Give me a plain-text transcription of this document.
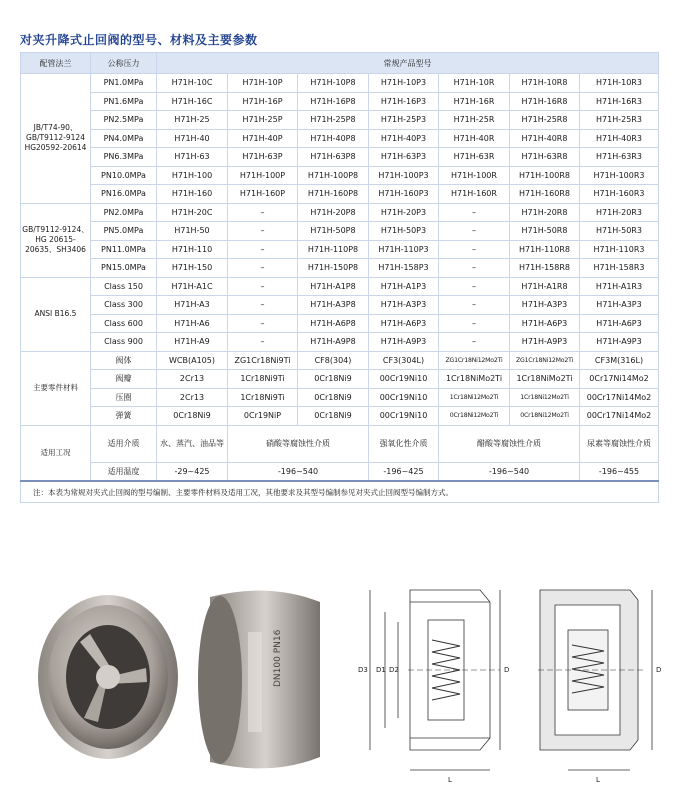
对夹升降式止回阀的型号、材料及主要参数
配管法兰	公称压力	常规产品型号						
JB/T74-90、GB/T9112-9124 HG20592-20614	PN1.0MPa	H71H-10C	H71H-10P	H71H-10P8	H71H-10P3	H71H-10R	H71H-10R8	H71H-10R3
	PN1.6MPa	H71H-16C	H71H-16P	H71H-16P8	H71H-16P3	H71H-16R	H71H-16R8	H71H-16R3
	PN2.5MPa	H71H-25	H71H-25P	H71H-25P8	H71H-25P3	H71H-25R	H71H-25R8	H71H-25R3
	PN4.0MPa	H71H-40	H71H-40P	H71H-40P8	H71H-40P3	H71H-40R	H71H-40R8	H71H-40R3
	PN6.3MPa	H71H-63	H71H-63P	H71H-63P8	H71H-63P3	H71H-63R	H71H-63R8	H71H-63R3
	PN10.0MPa	H71H-100	H71H-100P	H71H-100P8	H71H-100P3	H71H-100R	H71H-100R8	H71H-100R3
	PN16.0MPa	H71H-160	H71H-160P	H71H-160P8	H71H-160P3	H71H-160R	H71H-160R8	H71H-160R3
GB/T9112-9124、HG 20615-20635、SH3406	PN2.0MPa	H71H-20C	–	H71H-20P8	H71H-20P3	–	H71H-20R8	H71H-20R3
	PN5.0MPa	H71H-50	–	H71H-50P8	H71H-50P3	–	H71H-50R8	H71H-50R3
	PN11.0MPa	H71H-110	–	H71H-110P8	H71H-110P3	–	H71H-110R8	H71H-110R3
	PN15.0MPa	H71H-150	–	H71H-150P8	H71H-158P3	–	H71H-158R8	H71H-158R3
ANSI B16.5	Class 150	H71H-A1C	–	H71H-A1P8	H71H-A1P3	–	H71H-A1R8	H71H-A1R3
	Class 300	H71H-A3	–	H71H-A3P8	H71H-A3P3	–	H71H-A3P3	H71H-A3P3
	Class 600	H71H-A6	–	H71H-A6P8	H71H-A6P3	–	H71H-A6P3	H71H-A6P3
	Class 900	H71H-A9	–	H71H-A9P8	H71H-A9P3	–	H71H-A9P3	H71H-A9P3
主要零件材料	阀体	WCB(A105)	ZG1Cr18Ni9Ti	CF8(304)	CF3(304L)	ZG1Cr18Ni12Mo2Ti	ZG1Cr18Ni12Mo2Ti	CF3M(316L)
	阀瓣	2Cr13	1Cr18Ni9Ti	0Cr18Ni9	00Cr19Ni10	1Cr18NiMo2Ti	1Cr18NiMo2Ti	0Cr17Ni14Mo2
	压圈	2Cr13	1Cr18Ni9Ti	0Cr18Ni9	00Cr19Ni10	1Cr18Ni12Mo2Ti	1Cr18Ni12Mo2Ti	00Cr17Ni14Mo2
	弹簧	0Cr18Ni9	0Cr19NiP	0Cr18Ni9	00Cr19Ni10	0Cr18Ni12Mo2Ti	0Cr18Ni12Mo2Ti	00Cr17Ni14Mo2
适用工况	适用介质	水、蒸汽、油品等	硝酸等腐蚀性介质		强氧化性介质	醋酸等腐蚀性介质		尿素等腐蚀性介质
	适用温度	-29~425	-196~540		-196~425	-196~540		-196~455
注：本表为常规对夹式止回阀的型号编制、主要零件材料及适用工况，其他要求及其型号编制参见对夹式止回阀型号编制方式。								
DN100 PN16	D3 D1 D2	D
L
D
L
